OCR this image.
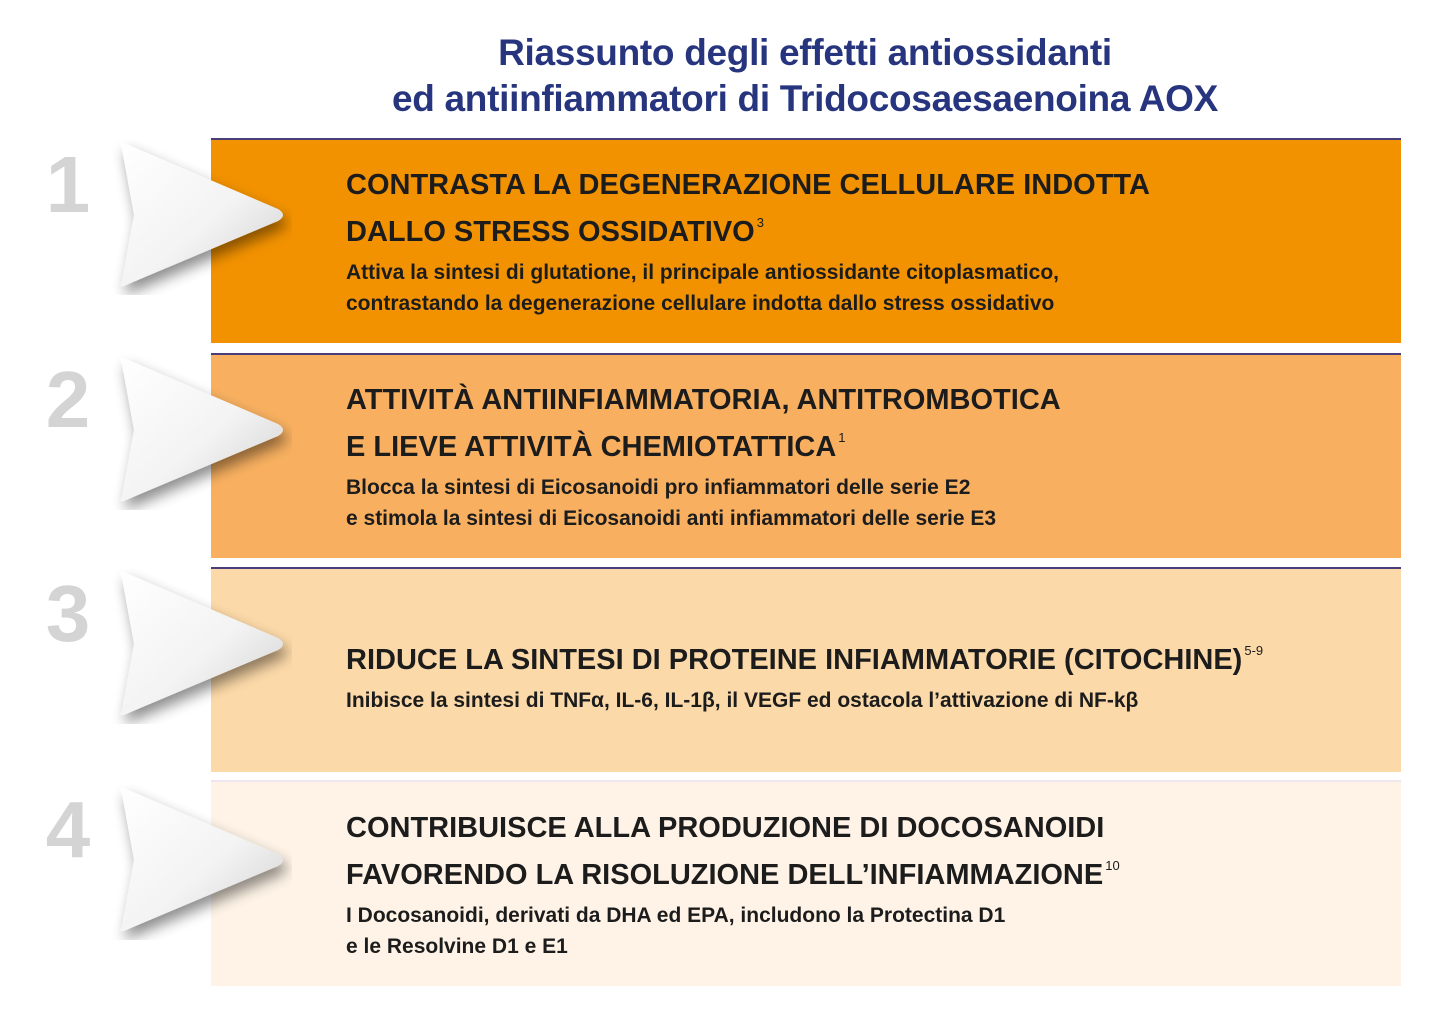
Riassunto degli effetti antiossidanti
ed antiinfiammatori di Tridocosaesaenoina AOX
1	CONTRASTA LA DEGENERAZIONE CELLULARE INDOTTA
DALLO STRESS OSSIDATIVO $^3$
Attiva la sintesi di glutatione, il principale antiossidante citoplasmatico,
contrastando la degenerazione cellulare indotta dallo stress ossidativo
2	ATTIVITÀ ANTIINFIAMMATORIA, ANTITROMBOTICA
E LIEVE ATTIVITÀ CHEMIOTATTICA $^1$
Blocca la sintesi di Eicosanoidi pro infiammatori delle serie E2
e stimola la sintesi di Eicosanoidi anti infiammatori delle serie E3
3
RIDUCE LA SINTESI DI PROTEINE INFIAMMATORIE (CITOCHINE) $^{5-9}$
Inibisce la sintesi di TNFα, IL-6, IL-1β, il VEGF ed ostacola l’attivazione di NF-kβ
4	CONTRIBUISCE ALLA PRODUZIONE DI DOCOSANOIDI
FAVORENDO LA RISOLUZIONE DELL’INFIAMMAZIONE $^{10}$
I Docosanoidi, derivati da DHA ed EPA, includono la Protectina D1
e le Resolvine D1 e E1
